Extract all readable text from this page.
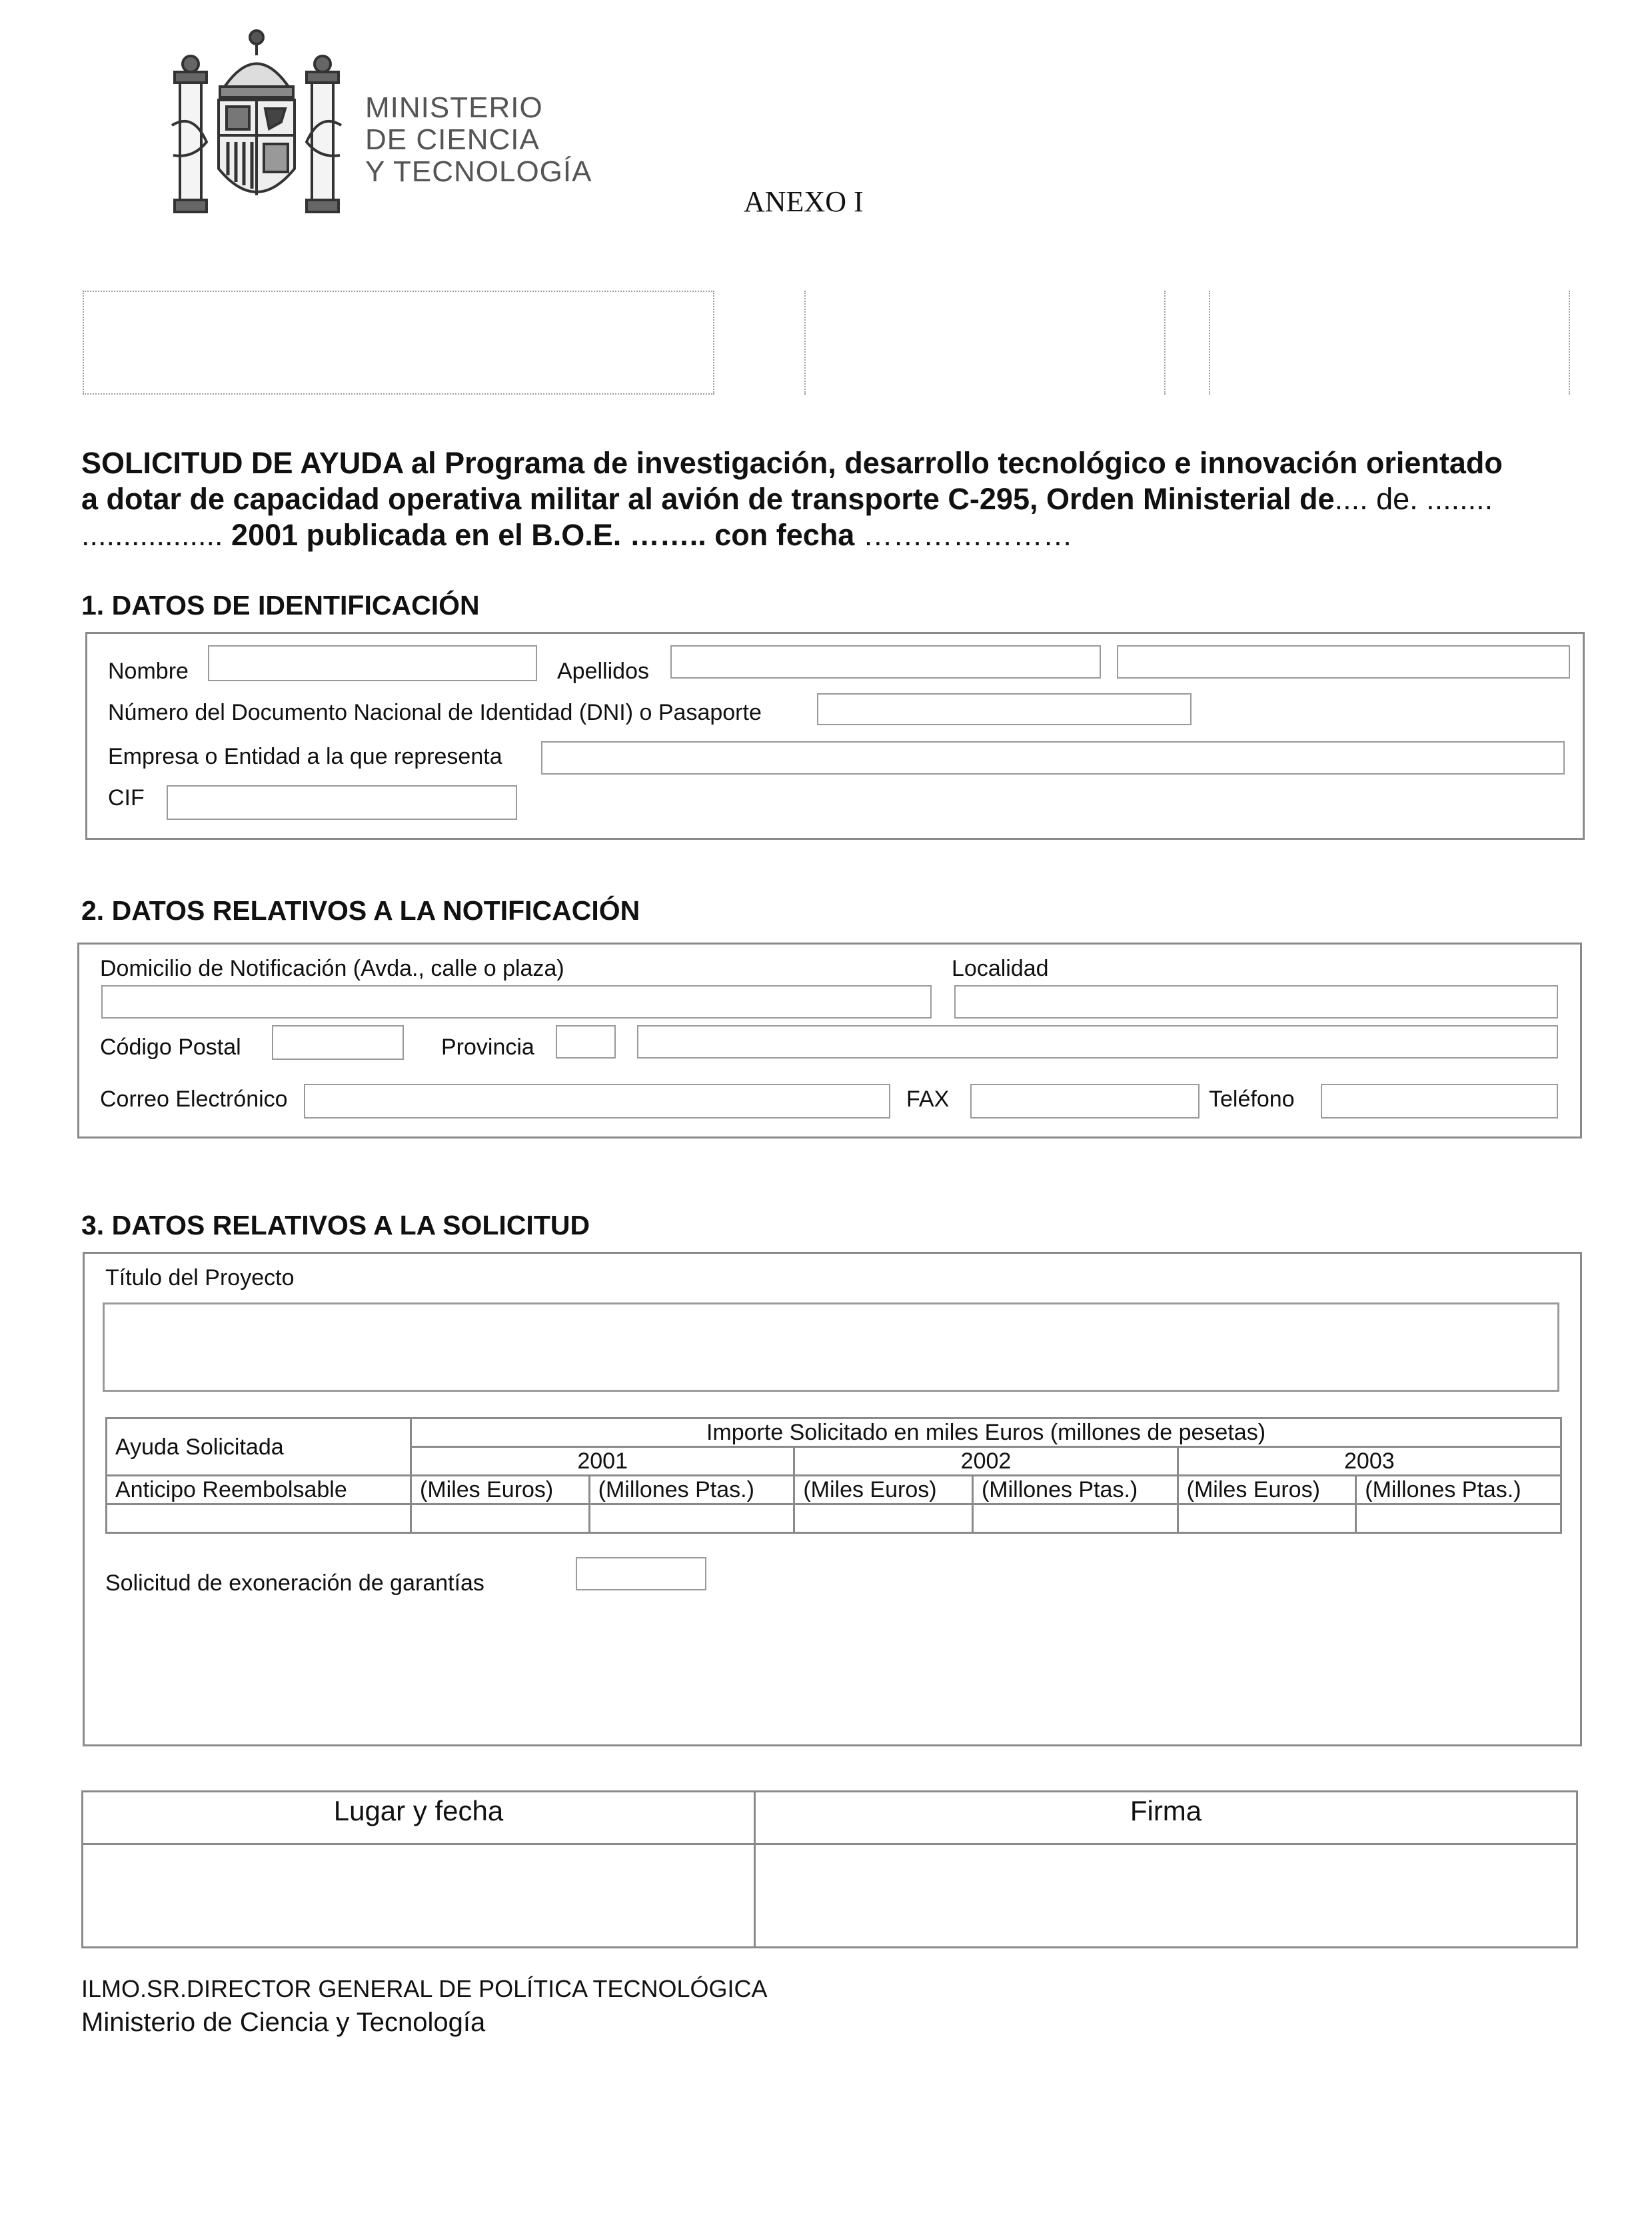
MINISTERIO
DE CIENCIA
Y TECNOLOGÍA
ANEXO I
SOLICITUD DE AYUDA al Programa de investigación, desarrollo tecnológico e innovación orientado
a dotar de capacidad operativa militar al avión de transporte C-295, Orden Ministerial de.... de. ........
................. 2001 publicada en el B.O.E. …….. con fecha …………………
1. DATOS DE IDENTIFICACIÓN
Nombre	Apellidos
Número del Documento Nacional de Identidad (DNI) o Pasaporte
Empresa o Entidad a la que representa
CIF
2. DATOS RELATIVOS A LA NOTIFICACIÓN
Domicilio de Notificación (Avda., calle o plaza)	Localidad
Código Postal	Provincia
Correo Electrónico	FAX	Teléfono
3. DATOS RELATIVOS A LA SOLICITUD
Título del Proyecto
Ayuda Solicitada	Importe Solicitado en miles Euros (millones de pesetas)					
	2001		2002		2003	
Anticipo Reembolsable	(Miles Euros)	(Millones Ptas.)	(Miles Euros)	(Millones Ptas.)	(Miles Euros)	(Millones Ptas.)

Solicitud de exoneración de garantías
Lugar y fecha	Firma

ILMO.SR.DIRECTOR GENERAL DE POLÍTICA TECNOLÓGICA
Ministerio de Ciencia y Tecnología
